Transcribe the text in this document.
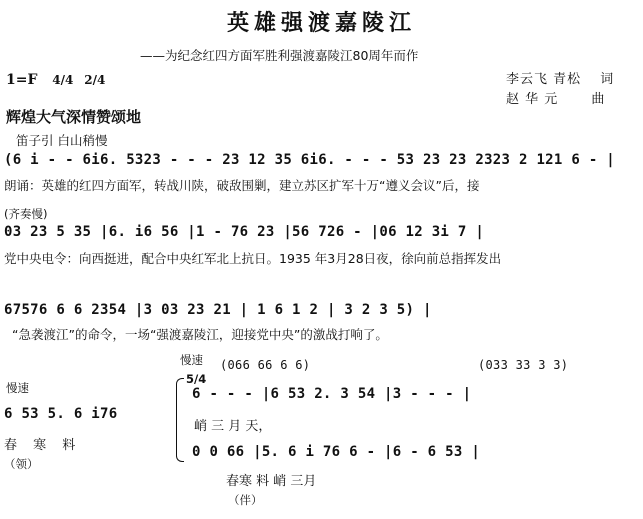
英雄强渡嘉陵江
——为纪念红四方面军胜利强渡嘉陵江80周年而作
1=F 4/4 2/4	李云飞 青松 词
赵 华 元	曲
辉煌大气深情赞颂地
笛子引 白山稍慢
(6 i - - 6i6. 5323 - - - 23 12 35 6i6. - - - 53 23 23 2323 2 121 6 - |
朗诵：英雄的红四方面军，转战川陕，破敌围剿，建立苏区扩军十万“遵义会议”后，接
(齐奏慢)
03 23 5 35 |6. i6 56 |1 - 76 23 |56 726 - |06 12 3i 7 |
党中央电令：向西挺进，配合中央红军北上抗日。1935 年3月28日夜，徐向前总指挥发出
67576 6 6 2354 |3 03 23 21 | 1 6 1 2 | 3 2 3 5) |
“急袭渡江”的命令，一场“强渡嘉陵江，迎接党中央”的激战打响了。
慢速 (066 66 6 6)	(033 33 3 3)
慢速
6 53 5. 6 i76
春 寒 料
（领）
5/4
6 - - - |6 53 2. 3 54 |3 - - - |
峭 三 月 天，
0 0 66 |5. 6 i 76 6 - |6 - 6 53 |
春寒 料 峭 三月
（伴）
